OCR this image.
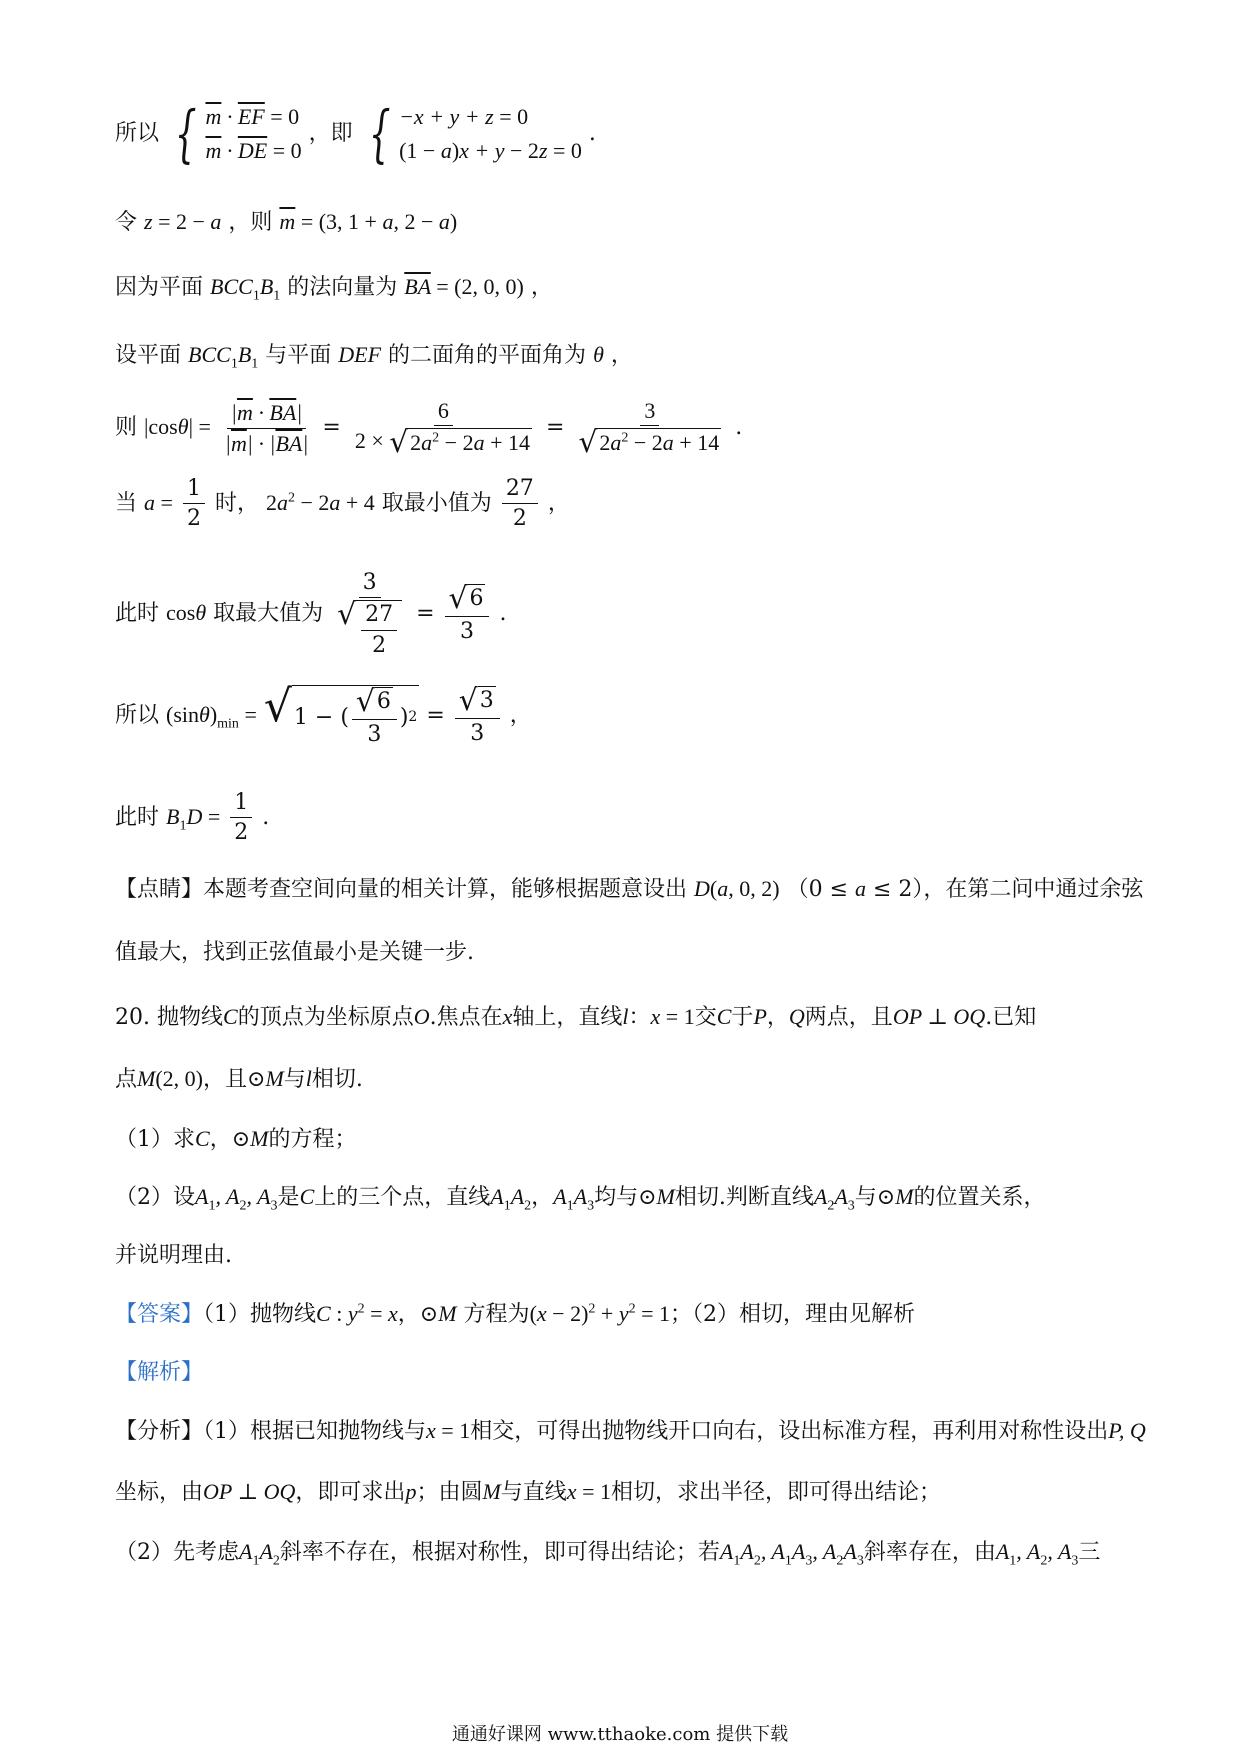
所以 { $\overline{m} \cdot \overline{EF} = 0$
$\overline{m} \cdot \overline{DE} = 0$
，即 { −x + y + z = 0
(1 − a)x + y − 2z = 0
.
令 z = 2 − a ，则 $\overline{m} = (3$, 1 + a, 2 − a)
因为平面 $BCC_1B_1$ 的法向量为 $\overline{BA} = (2$, 0, 0) ，
设平面 $BCC_1B_1$ 与平面 DEF 的二面角的平面角为 θ ，
则 $|\cos\theta| = \frac{|\overline{m} \cdot \overline{BA}|}{|\overline{m}| \cdot |\overline{BA}|} = \frac{6}{2 \times √ 2a^2 - 2a + 14} = \frac{3}{√ 2a^2 - 2a + 14}$ .
当 $a = \frac{1}{2}$ 时， $2a^2 - 2a + 4$ 取最小值为 $\frac{27}{2}$ ，
此时 cosθ 取最大值为 $\frac{3}{√ \frac{27}{2}} = \frac{√ 6}{3}$ .
所以 $(\sin\theta)_{min}$ = √ 1 − ( $\frac{√ 6}{3}$ ) $2 = \frac{√ 3}{3}$ ，
此时 $B_1D = \frac{1}{2}$ .
【点睛】本题考查空间向量的相关计算，能够根据题意设出 D(a, 0, 2) （0 ≤ a ≤ 2），在第二问中通过余弦
值最大，找到正弦值最小是关键一步.
20. 抛物线C的顶点为坐标原点O.焦点在x轴上，直线l：x = 1交C于P，Q两点，且OP ⊥ OQ.已知
点M(2, 0)，且⊙M与l相切.
（1）求C，⊙M的方程；
（2）设$A_1$, $A_2$, $A_3$是C上的三个点，直线$A_1A_2$，$A_1A_3$均与⊙M相切.判断直线$A_2A_3$与⊙M的位置关系，
并说明理由.
【答案】（1）抛物线C : $y^2 = x$，⊙M 方程为$(x - 2)^2 + y^2 = 1$；（2）相切，理由见解析
【解析】
【分析】（1）根据已知抛物线与x = 1相交，可得出抛物线开口向右，设出标准方程，再利用对称性设出P, Q
坐标，由OP ⊥ OQ，即可求出p；由圆M与直线x = 1相切，求出半径，即可得出结论；
（2）先考虑$A_1A_2$斜率不存在，根据对称性，即可得出结论；若$A_1A_2$, $A_1A_3$, $A_2A_3$斜率存在，由$A_1$, $A_2$, $A_3$三
通通好课网 www.tthaoke.com 提供下载
